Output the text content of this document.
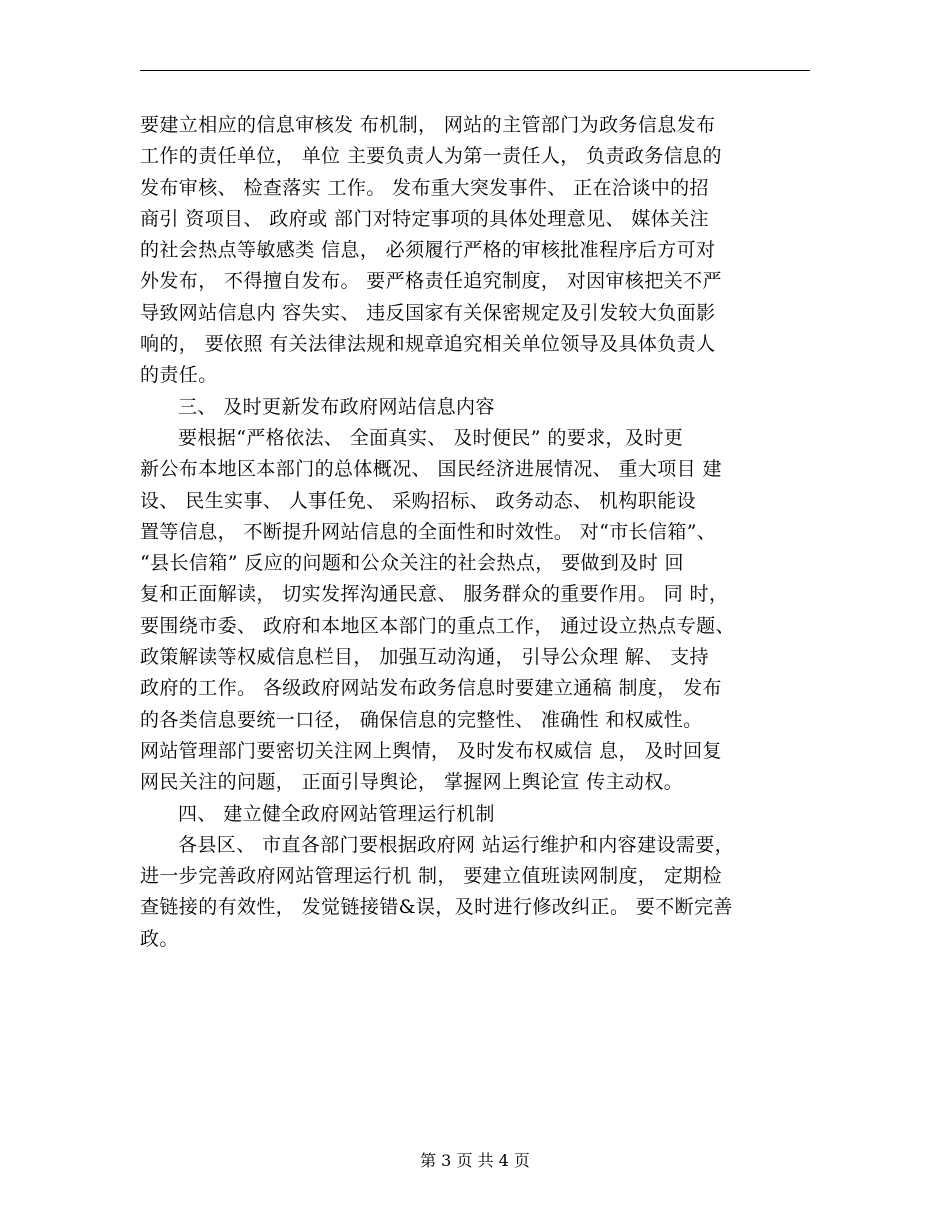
要建立相应的信息审核发 布机制， 网站的主管部门为政务信息发布
工作的责任单位， 单位 主要负责人为第一责任人， 负责政务信息的
发布审核、 检查落实 工作。 发布重大突发事件、 正在洽谈中的招
商引 资项目、 政府或 部门对特定事项的具体处理意见、 媒体关注
的社会热点等敏感类 信息， 必须履行严格的审核批准程序后方可对
外发布， 不得擅自发布。 要严格责任追究制度， 对因审核把关不严
导致网站信息内 容失实、 违反国家有关保密规定及引发较大负面影
响的， 要依照 有关法律法规和规章追究相关单位领导及具体负责人
的责任。
三、 及时更新发布政府网站信息内容
要根据“严格依法、 全面真实、 及时便民” 的要求，及时更
新公布本地区本部门的总体概况、 国民经济进展情况、 重大项目 建
设、 民生实事、 人事任免、 采购招标、 政务动态、 机构职能设
置等信息， 不断提升网站信息的全面性和时效性。 对“市长信箱”、
“县长信箱” 反应的问题和公众关注的社会热点， 要做到及时 回
复和正面解读， 切实发挥沟通民意、 服务群众的重要作用。 同 时，
要围绕市委、 政府和本地区本部门的重点工作， 通过设立热点专题、
政策解读等权威信息栏目， 加强互动沟通， 引导公众理 解、 支持
政府的工作。 各级政府网站发布政务信息时要建立通稿 制度， 发布
的各类信息要统一口径， 确保信息的完整性、 准确性 和权威性。
网站管理部门要密切关注网上舆情， 及时发布权威信 息， 及时回复
网民关注的问题， 正面引导舆论， 掌握网上舆论宣 传主动权。
四、 建立健全政府网站管理运行机制
各县区、 市直各部门要根据政府网 站运行维护和内容建设需要，
进一步完善政府网站管理运行机 制， 要建立值班读网制度， 定期检
查链接的有效性， 发觉链接错&误，及时进行修改纠正。 要不断完善
政。
第 3 页 共 4 页
